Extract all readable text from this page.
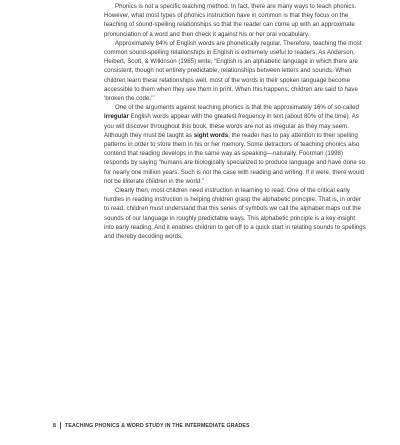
Phonics is not a specific teaching method. In fact, there are many ways to teach phonics. However, what most types of phonics instruction have in common is that they focus on the teaching of sound-spelling relationships so that the reader can come up with an approximate pronunciation of a word and then check it against his or her oral vocabulary.

Approximately 84% of English words are phonetically regular. Therefore, teaching the most common sound-spelling relationships in English is extremely useful to readers. As Anderson, Heibert, Scott, & Wilkinson (1985) write, “English is an alphabetic language in which there are consistent, though not entirely predictable, relationships between letters and sounds. When children learn these relationships well, most of the words in their spoken language become accessible to them when they see them in print. When this happens, children are said to have ‘broken the code.’”

One of the arguments against teaching phonics is that the approximately 16% of so-called irregular English words appear with the greatest frequency in text (about 80% of the time). As you will discover throughout this book, these words are not as irregular as they may seem. Although they must be taught as sight words, the reader has to pay attention to their spelling patterns in order to store them in his or her memory. Some detractors of teaching phonics also contend that reading develops in the same way as speaking—naturally. Foorman (1998) responds by saying “humans are biologically specialized to produce language and have done so for nearly one million years. Such is not the case with reading and writing. If it were, there would not be illiterate children in the world.”

Clearly then, most children need instruction in learning to read. One of the critical early hurdles in reading instruction is helping children grasp the alphabetic principle. That is, in order to read, children must understand that this series of symbols we call the alphabet maps out the sounds of our language in roughly predictable ways. This alphabetic principle is a key insight into early reading. And it enables children to get off to a quick start in relating sounds to spellings and thereby decoding words.

8 TEACHING PHONICS & WORD STUDY IN THE INTERMEDIATE GRADES
